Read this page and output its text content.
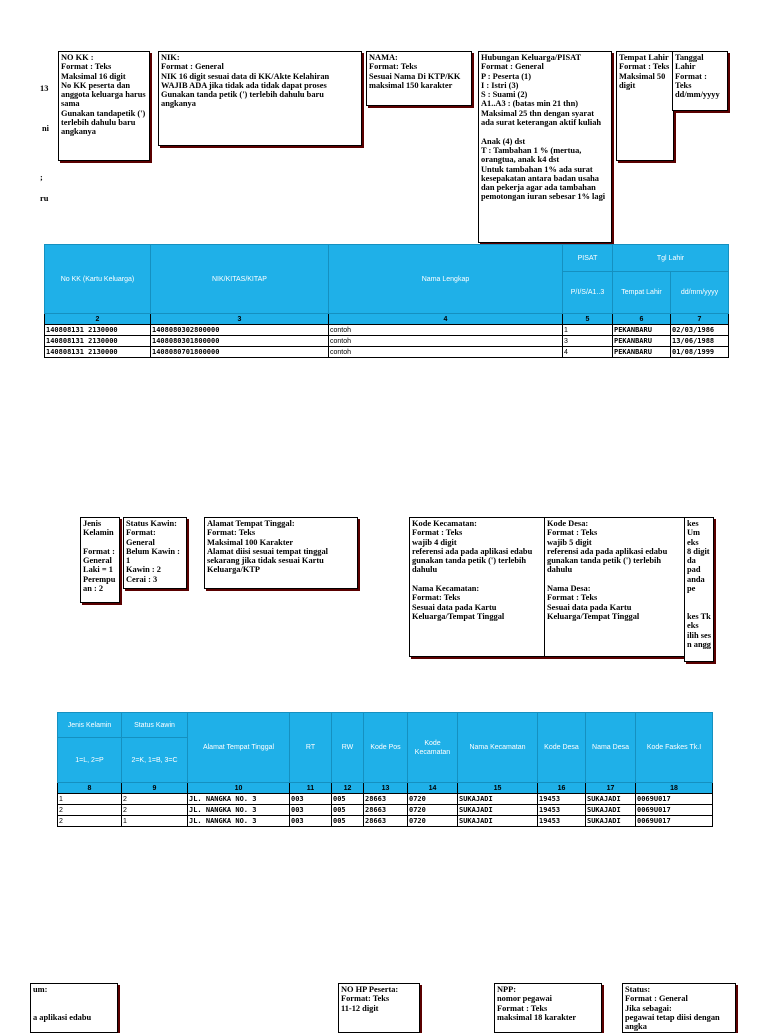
13
ni
;
ru
NO KK :
Format : Teks
Maksimal 16 digit
No KK peserta dan anggota keluarga harus sama
Gunakan tandapetik (') terlebih dahulu baru angkanya
NIK:
Format : General
NIK 16 digit sesuai data di KK/Akte Kelahiran
WAJIB ADA jika tidak ada tidak dapat proses
Gunakan tanda petik (') terlebih dahulu baru angkanya
NAMA:
Format: Teks
Sesuai Nama Di KTP/KK
maksimal 150 karakter
Hubungan Keluarga/PISAT
Format : General
P : Peserta (1)
I : Istri (3)
S : Suami (2)
A1..A3 : (batas min 21 thn)
Maksimal 25 thn dengan syarat ada surat keterangan aktif kuliah

Anak (4) dst
T : Tambahan 1 % (mertua, orangtua, anak k4 dst
Untuk tambahan 1% ada surat kesepakatan antara badan usaha dan pekerja agar ada tambahan pemotongan iuran sebesar 1% lagi
Tempat Lahir
Format : Teks
Maksimal 50 digit
Tanggal Lahir
Format :
Teks
dd/mm/yyyy
No KK (Kartu Keluarga)	NIK/KITAS/KITAP	Nama Lengkap	PISAT	Tgl Lahir	
			P/I/S/A1..3	Tempat Lahir	dd/mm/yyyy
2	3	4	5	6	7
140808131 2130000	1408080302800000	contoh	1	PEKANBARU	02/03/1986
140808131 2130000	1408080301800000	contoh	3	PEKANBARU	13/06/1988
140808131 2130000	1408080701800000	contoh	4	PEKANBARU	01/08/1999
Jenis Kelamin

Format :
General
Laki = 1
Perempu an : 2
Status Kawin:
Format:
General
Belum Kawin : 1
Kawin : 2
Cerai : 3
Alamat Tempat Tinggal:
Format: Teks
Maksimal 100 Karakter
Alamat diisi sesuai tempat tinggal sekarang jika tidak sesuai Kartu Keluarga/KTP
Kode Kecamatan:
Format : Teks
wajib 4 digit
referensi ada pada aplikasi edabu
gunakan tanda petik (') terlebih dahulu

Nama Kecamatan:
Format: Teks
Sesuai data pada Kartu Keluarga/Tempat Tinggal
Kode Desa:
Format : Teks
wajib 5 digit
referensi ada pada aplikasi edabu
gunakan tanda petik (') terlebih dahulu

Nama Desa:
Format : Teks
Sesuai data pada Kartu Keluarga/Tempat Tinggal
kes Um
eks
8 digit
da pad
anda pe

kes Tk
eks
ilih ses
n angg
Jenis Kelamin	Status Kawin	Alamat Tempat Tinggal	RT	RW	Kode Pos	Kode Kecamatan	Nama Kecamatan	Kode Desa	Nama Desa	Kode Faskes Tk.I
1=L, 2=P	2=K, 1=B, 3=C									
8	9	10	11	12	13	14	15	16	17	18
1	2	JL. NANGKA NO. 3	003	005	28663	0720	SUKAJADI	19453	SUKAJADI	0069U017
2	2	JL. NANGKA NO. 3	003	005	28663	0720	SUKAJADI	19453	SUKAJADI	0069U017
2	1	JL. NANGKA NO. 3	003	005	28663	0720	SUKAJADI	19453	SUKAJADI	0069U017
um:

a aplikasi edabu
NO HP Peserta:
Format: Teks
11-12 digit
NPP:
nomor pegawai
Format : Teks
maksimal 18 karakter
Status:
Format : General
Jika sebagai:
pegawai tetap diisi dengan angka
